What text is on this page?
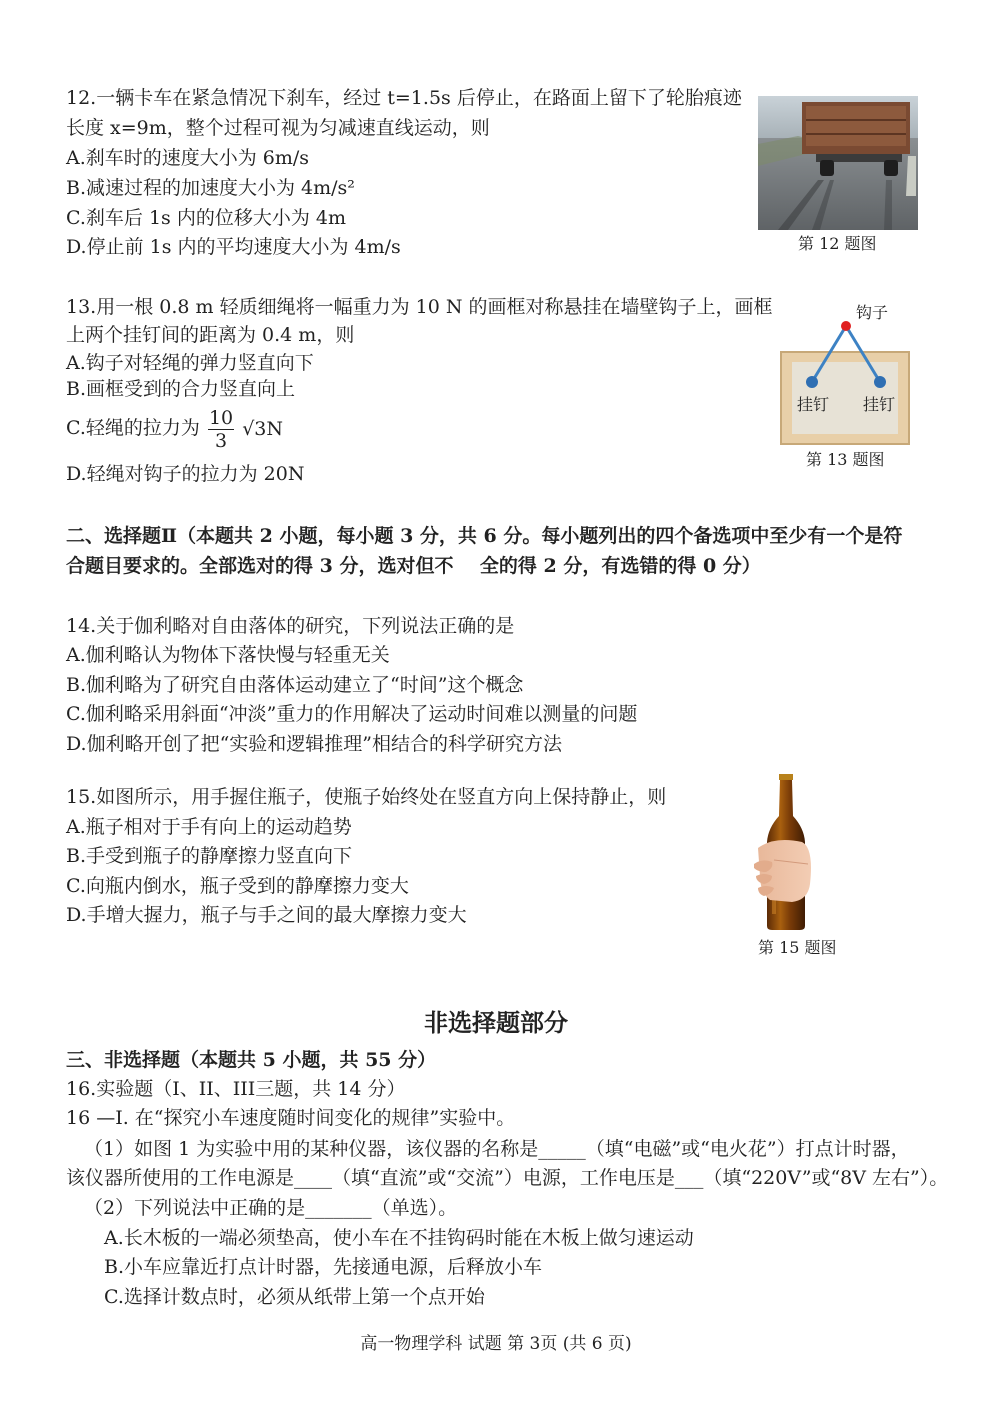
12.一辆卡车在紧急情况下刹车，经过 t=1.5s 后停止，在路面上留下了轮胎痕迹
长度 x=9m，整个过程可视为匀减速直线运动，则
A.刹车时的速度大小为 6m/s
B.减速过程的加速度大小为 4m/s²
C.刹车后 1s 内的位移大小为 4m
D.停止前 1s 内的平均速度大小为 4m/s	第 12 题图
13.用一根 0.8 m 轻质细绳将一幅重力为 10 N 的画框对称悬挂在墙壁钩子上，画框
上两个挂钉间的距离为 0.4 m，则
A.钩子对轻绳的弹力竖直向下
B.画框受到的合力竖直向上
C.轻绳的拉力为 $\frac{10}{3} √3N$
D.轻绳对钩子的拉力为 20N
钩子
挂钉 挂钉
第 13 题图
二、选择题Ⅱ（本题共 2 小题，每小题 3 分，共 6 分。每小题列出的四个备选项中至少有一个是符
合题目要求的。全部选对的得 3 分，选对但不    全的得 2 分，有选错的得 0 分）
14.关于伽利略对自由落体的研究，下列说法正确的是
A.伽利略认为物体下落快慢与轻重无关
B.伽利略为了研究自由落体运动建立了“时间”这个概念
C.伽利略采用斜面“冲淡”重力的作用解决了运动时间难以测量的问题
D.伽利略开创了把“实验和逻辑推理”相结合的科学研究方法
15.如图所示，用手握住瓶子，使瓶子始终处在竖直方向上保持静止，则
A.瓶子相对于手有向上的运动趋势
B.手受到瓶子的静摩擦力竖直向下
C.向瓶内倒水，瓶子受到的静摩擦力变大
D.手增大握力，瓶子与手之间的最大摩擦力变大
第 15 题图
非选择题部分
三、非选择题（本题共 5 小题，共 55 分）
16.实验题（I、II、III三题，共 14 分）
16 —I. 在“探究小车速度随时间变化的规律”实验中。
（1）如图 1 为实验中用的某种仪器，该仪器的名称是_____（填“电磁”或“电火花”）打点计时器，
该仪器所使用的工作电源是____（填“直流”或“交流”）电源，工作电压是___（填“220V”或“8V 左右”）。
（2）下列说法中正确的是_______（单选）。
A.长木板的一端必须垫高，使小车在不挂钩码时能在木板上做匀速运动
B.小车应靠近打点计时器，先接通电源，后释放小车
C.选择计数点时，必须从纸带上第一个点开始
高一物理学科 试题 第 3页 (共 6 页)
